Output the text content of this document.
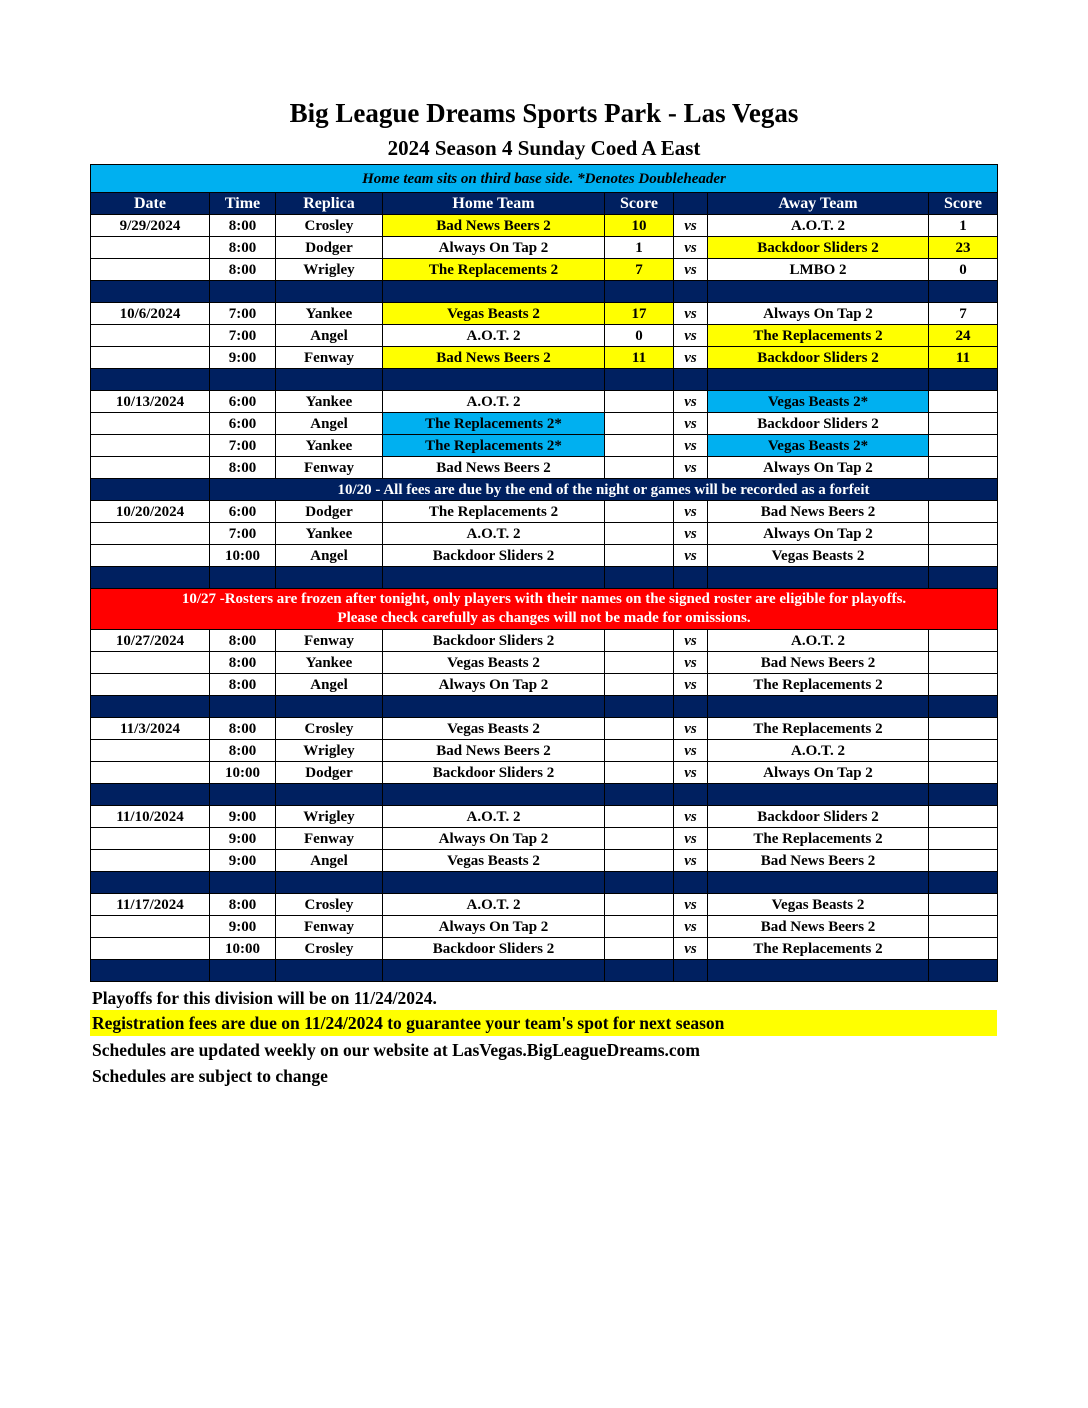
Big League Dreams Sports Park - Las Vegas
2024 Season 4 Sunday Coed A East
Home team sits on third base side. *Denotes Doubleheader							
Date	Time	Replica	Home Team	Score		Away Team	Score
9/29/2024	8:00	Crosley	Bad News Beers 2	10	vs	A.O.T. 2	1
	8:00	Dodger	Always On Tap 2	1	vs	Backdoor Sliders 2	23
	8:00	Wrigley	The Replacements 2	7	vs	LMBO 2	0

10/6/2024	7:00	Yankee	Vegas Beasts 2	17	vs	Always On Tap 2	7
	7:00	Angel	A.O.T. 2	0	vs	The Replacements 2	24
	9:00	Fenway	Bad News Beers 2	11	vs	Backdoor Sliders 2	11

10/13/2024	6:00	Yankee	A.O.T. 2		vs	Vegas Beasts 2*	
	6:00	Angel	The Replacements 2*		vs	Backdoor Sliders 2	
	7:00	Yankee	The Replacements 2*		vs	Vegas Beasts 2*	
	8:00	Fenway	Bad News Beers 2		vs	Always On Tap 2	
	10/20 - All fees are due by the end of the night or games will be recorded as a forfeit						
10/20/2024	6:00	Dodger	The Replacements 2		vs	Bad News Beers 2	
	7:00	Yankee	A.O.T. 2		vs	Always On Tap 2	
	10:00	Angel	Backdoor Sliders 2		vs	Vegas Beasts 2	

10/27 -Rosters are frozen after tonight, only players with their names on the signed roster are eligible for playoffs.
Please check carefully as changes will not be made for omissions.							

10/27/2024	8:00	Fenway	Backdoor Sliders 2		vs	A.O.T. 2	
	8:00	Yankee	Vegas Beasts 2		vs	Bad News Beers 2	
	8:00	Angel	Always On Tap 2		vs	The Replacements 2	

11/3/2024	8:00	Crosley	Vegas Beasts 2		vs	The Replacements 2	
	8:00	Wrigley	Bad News Beers 2		vs	A.O.T. 2	
	10:00	Dodger	Backdoor Sliders 2		vs	Always On Tap 2	

11/10/2024	9:00	Wrigley	A.O.T. 2		vs	Backdoor Sliders 2	
	9:00	Fenway	Always On Tap 2		vs	The Replacements 2	
	9:00	Angel	Vegas Beasts 2		vs	Bad News Beers 2	

11/17/2024	8:00	Crosley	A.O.T. 2		vs	Vegas Beasts 2	
	9:00	Fenway	Always On Tap 2		vs	Bad News Beers 2	
	10:00	Crosley	Backdoor Sliders 2		vs	The Replacements 2	

Playoffs for this division will be on 11/24/2024.
Registration fees are due on 11/24/2024 to guarantee your team's spot for next season
Schedules are updated weekly on our website at LasVegas.BigLeagueDreams.com
Schedules are subject to change
